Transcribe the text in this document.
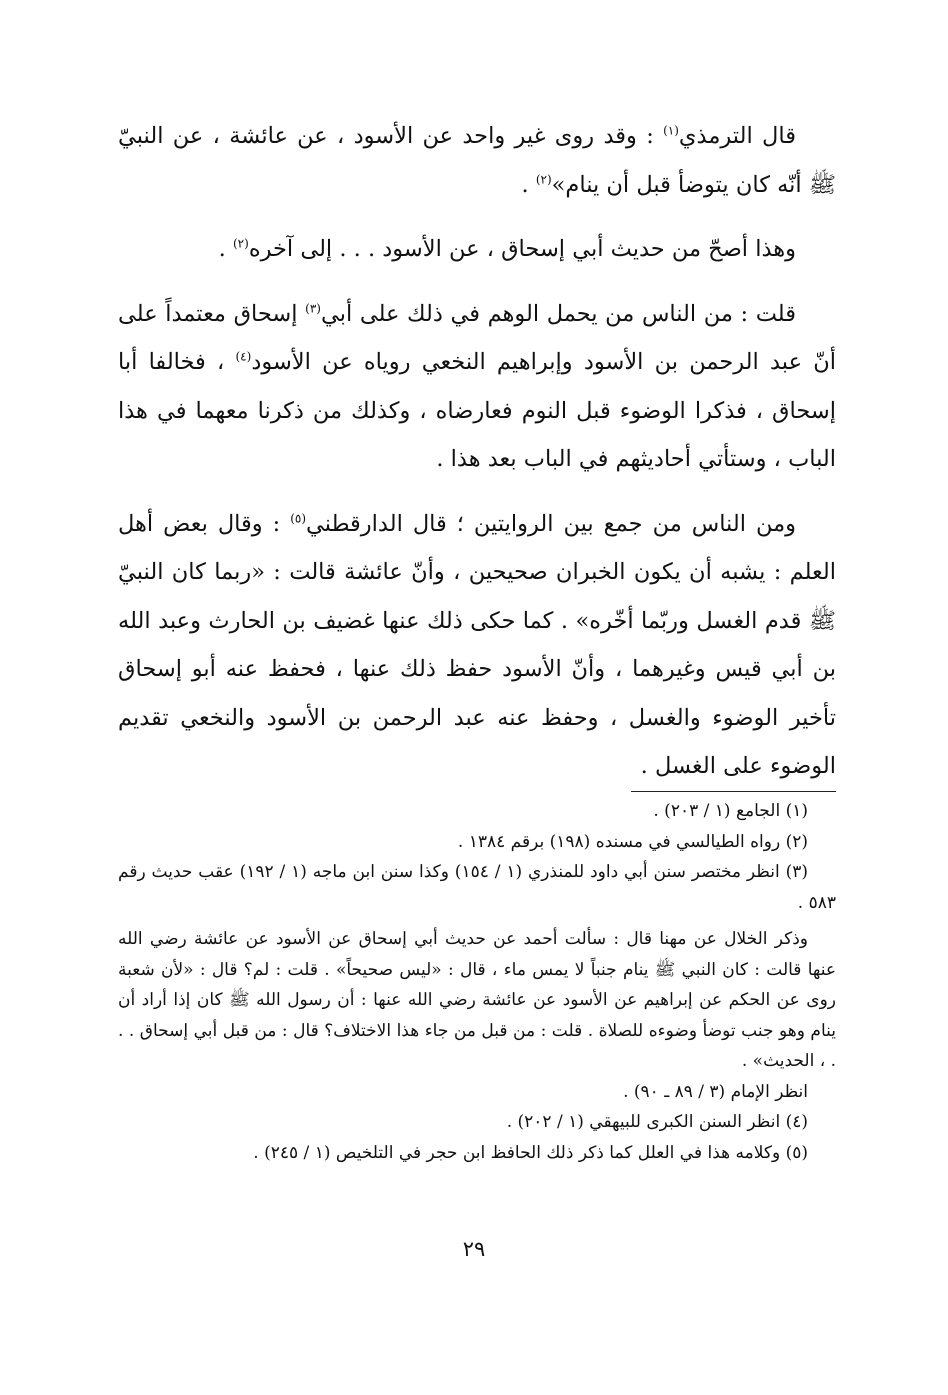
قال الترمذي$^{(١)}$ : وقد روى غير واحد عن الأسود ، عن عائشة ، عن النبيّ ﷺ أنّه كان يتوضأ قبل أن ينام»$^{(٢)}$ .

وهذا أصحّ من حديث أبي إسحاق ، عن الأسود . . . إلى آخره$^{(٢)}$ .

قلت : من الناس من يحمل الوهم في ذلك على أبي$^{(٣)}$ إسحاق معتمداً على أنّ عبد الرحمن بن الأسود وإبراهيم النخعي روياه عن الأسود$^{(٤)}$ ، فخالفا أبا إسحاق ، فذكرا الوضوء قبل النوم فعارضاه ، وكذلك من ذكرنا معهما في هذا الباب ، وستأتي أحاديثهم في الباب بعد هذا .

ومن الناس من جمع بين الروايتين ؛ قال الدارقطني$^{(٥)}$ : وقال بعض أهل العلم : يشبه أن يكون الخبران صحيحين ، وأنّ عائشة قالت : «ربما كان النبيّ ﷺ قدم الغسل وربّما أخّره» . كما حكى ذلك عنها غضيف بن الحارث وعبد الله بن أبي قيس وغيرهما ، وأنّ الأسود حفظ ذلك عنها ، فحفظ عنه أبو إسحاق تأخير الوضوء والغسل ، وحفظ عنه عبد الرحمن بن الأسود والنخعي تقديم الوضوء على الغسل .

(١) الجامع (١ / ٢٠٣) .

(٢) رواه الطيالسي في مسنده (١٩٨) برقم ١٣٨٤ .

(٣) انظر مختصر سنن أبي داود للمنذري (١ / ١٥٤) وكذا سنن ابن ماجه (١ / ١٩٢) عقب حديث رقم ٥٨٣ .

وذكر الخلال عن مهنا قال : سألت أحمد عن حديث أبي إسحاق عن الأسود عن عائشة رضي الله عنها قالت : كان النبي ﷺ ينام جنباً لا يمس ماء ، قال : «ليس صحيحاً» . قلت : لم؟ قال : «لأن شعبة روى عن الحكم عن إبراهيم عن الأسود عن عائشة رضي الله عنها : أن رسول الله ﷺ كان إذا أراد أن ينام وهو جنب توضأ وضوءه للصلاة . قلت : من قبل من جاء هذا الاختلاف؟ قال : من قبل أبي إسحاق . . . ، الحديث» .

انظر الإمام (٣ / ٨٩ ـ ٩٠) .

(٤) انظر السنن الكبرى للبيهقي (١ / ٢٠٢) .

(٥) وكلامه هذا في العلل كما ذكر ذلك الحافظ ابن حجر في التلخيص (١ / ٢٤٥) .

٢٩
